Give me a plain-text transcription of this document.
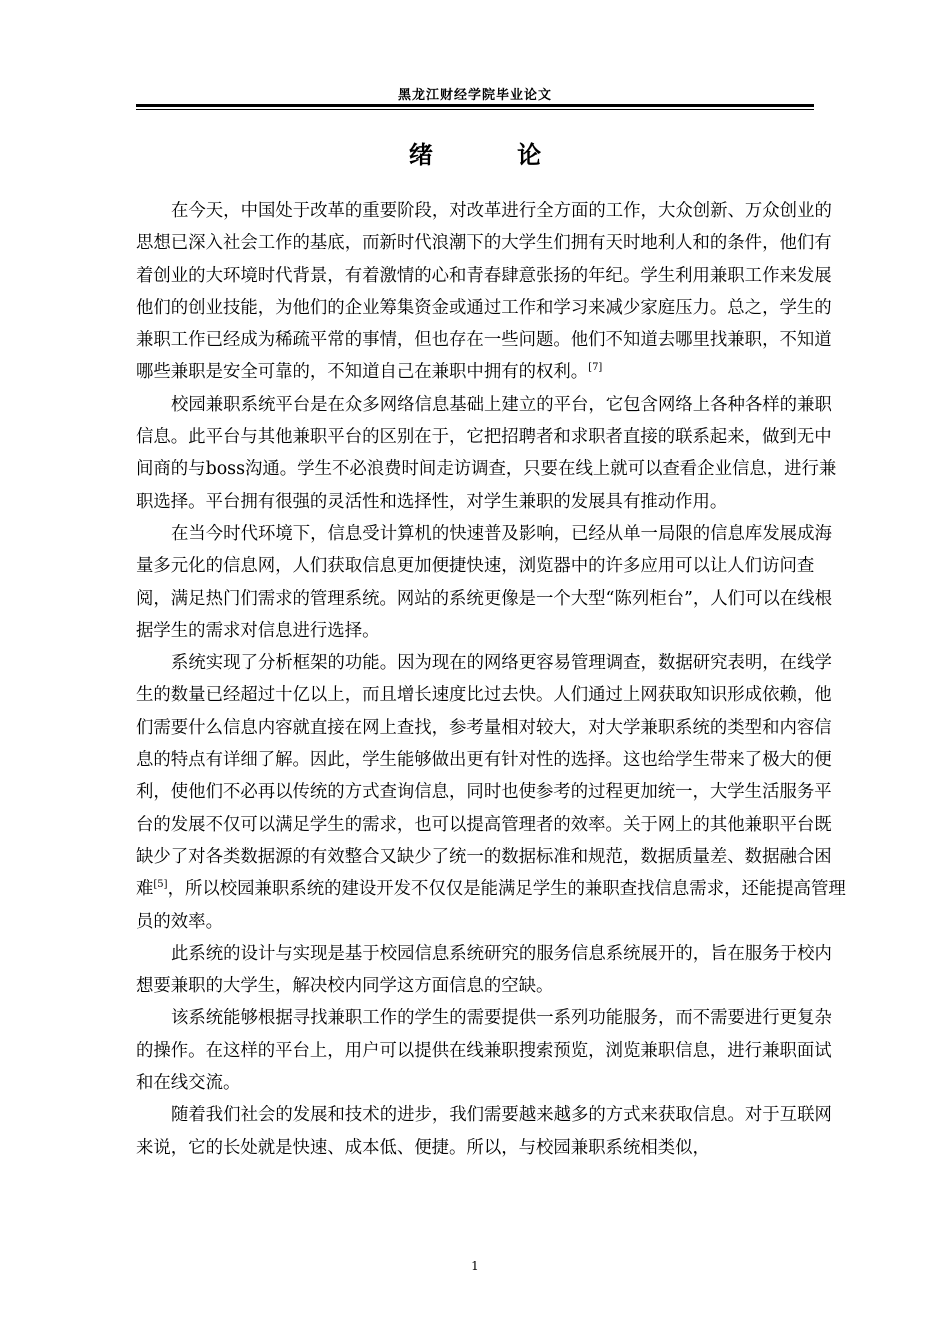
黑龙江财经学院毕业论文
绪 论

在今天，中国处于改革的重要阶段，对改革进行全方面的工作，大众创新、万众创业的思想已深入社会工作的基底，而新时代浪潮下的大学生们拥有天时地利人和的条件，他们有着创业的大环境时代背景，有着激情的心和青春肆意张扬的年纪。学生利用兼职工作来发展他们的创业技能，为他们的企业筹集资金或通过工作和学习来减少家庭压力。总之，学生的兼职工作已经成为稀疏平常的事情，但也存在一些问题。他们不知道去哪里找兼职，不知道哪些兼职是安全可靠的，不知道自己在兼职中拥有的权利。[7]

校园兼职系统平台是在众多网络信息基础上建立的平台，它包含网络上各种各样的兼职信息。此平台与其他兼职平台的区别在于，它把招聘者和求职者直接的联系起来，做到无中间商的与boss沟通。学生不必浪费时间走访调查，只要在线上就可以查看企业信息，进行兼职选择。平台拥有很强的灵活性和选择性，对学生兼职的发展具有推动作用。

在当今时代环境下，信息受计算机的快速普及影响，已经从单一局限的信息库发展成海量多元化的信息网，人们获取信息更加便捷快速，浏览器中的许多应用可以让人们访问查阅，满足热门们需求的管理系统。网站的系统更像是一个大型“陈列柜台”，人们可以在线根据学生的需求对信息进行选择。

系统实现了分析框架的功能。因为现在的网络更容易管理调查，数据研究表明，在线学生的数量已经超过十亿以上，而且增长速度比过去快。人们通过上网获取知识形成依赖，他们需要什么信息内容就直接在网上查找，参考量相对较大，对大学兼职系统的类型和内容信息的特点有详细了解。因此，学生能够做出更有针对性的选择。这也给学生带来了极大的便利，使他们不必再以传统的方式查询信息，同时也使参考的过程更加统一，大学生活服务平台的发展不仅可以满足学生的需求，也可以提高管理者的效率。关于网上的其他兼职平台既缺少了对各类数据源的有效整合又缺少了统一的数据标准和规范，数据质量差、数据融合困难[5]，所以校园兼职系统的建设开发不仅仅是能满足学生的兼职查找信息需求，还能提高管理员的效率。

此系统的设计与实现是基于校园信息系统研究的服务信息系统展开的，旨在服务于校内想要兼职的大学生，解决校内同学这方面信息的空缺。

该系统能够根据寻找兼职工作的学生的需要提供一系列功能服务，而不需要进行更复杂的操作。在这样的平台上，用户可以提供在线兼职搜索预览，浏览兼职信息，进行兼职面试和在线交流。

随着我们社会的发展和技术的进步，我们需要越来越多的方式来获取信息。对于互联网来说，它的长处就是快速、成本低、便捷。所以，与校园兼职系统相类似，

1
